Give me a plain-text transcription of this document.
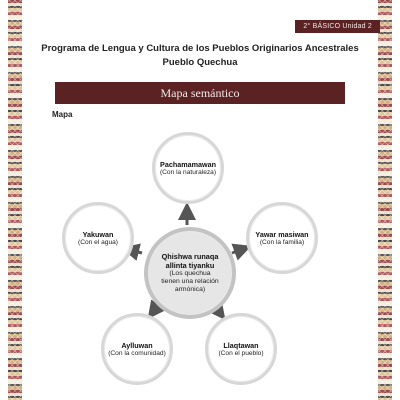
2° BÁSICO Unidad 2
Programa de Lengua y Cultura de los Pueblos Originarios Ancestrales
Pueblo Quechua
Mapa semántico
Mapa
Pachamamawan
(Con la naturaleza)
Yawar masiwan
(Con la familia)
Yakuwan
(Con el agua)
Aylluwan
(Con la comunidad)
Llaqtawan
(Con el pueblo)
Qhishwa runaqa
allinta tiyanku
(Los quechua
tienen una relación
armónica)
